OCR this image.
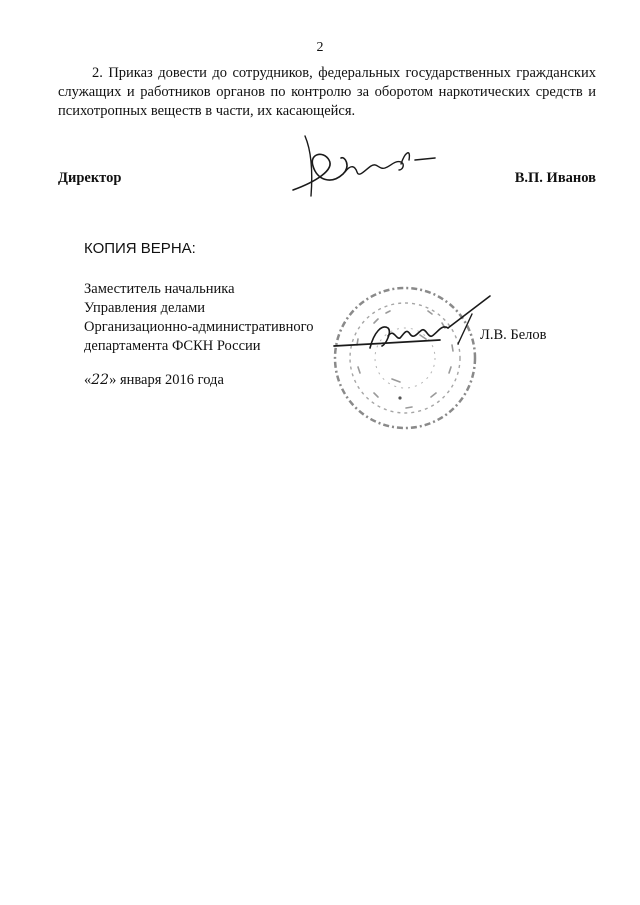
2
2. Приказ довести до сотрудников, федеральных государственных гражданских служащих и работников органов по контролю за оборотом наркотических средств и психотропных веществ в части, их касающейся.
Директор	В.П. Иванов
КОПИЯ ВЕРНА:
Заместитель начальника
Управления делами
Организационно-административного
департамента ФСКН России
Л.В. Белов
«22» января 2016 года
